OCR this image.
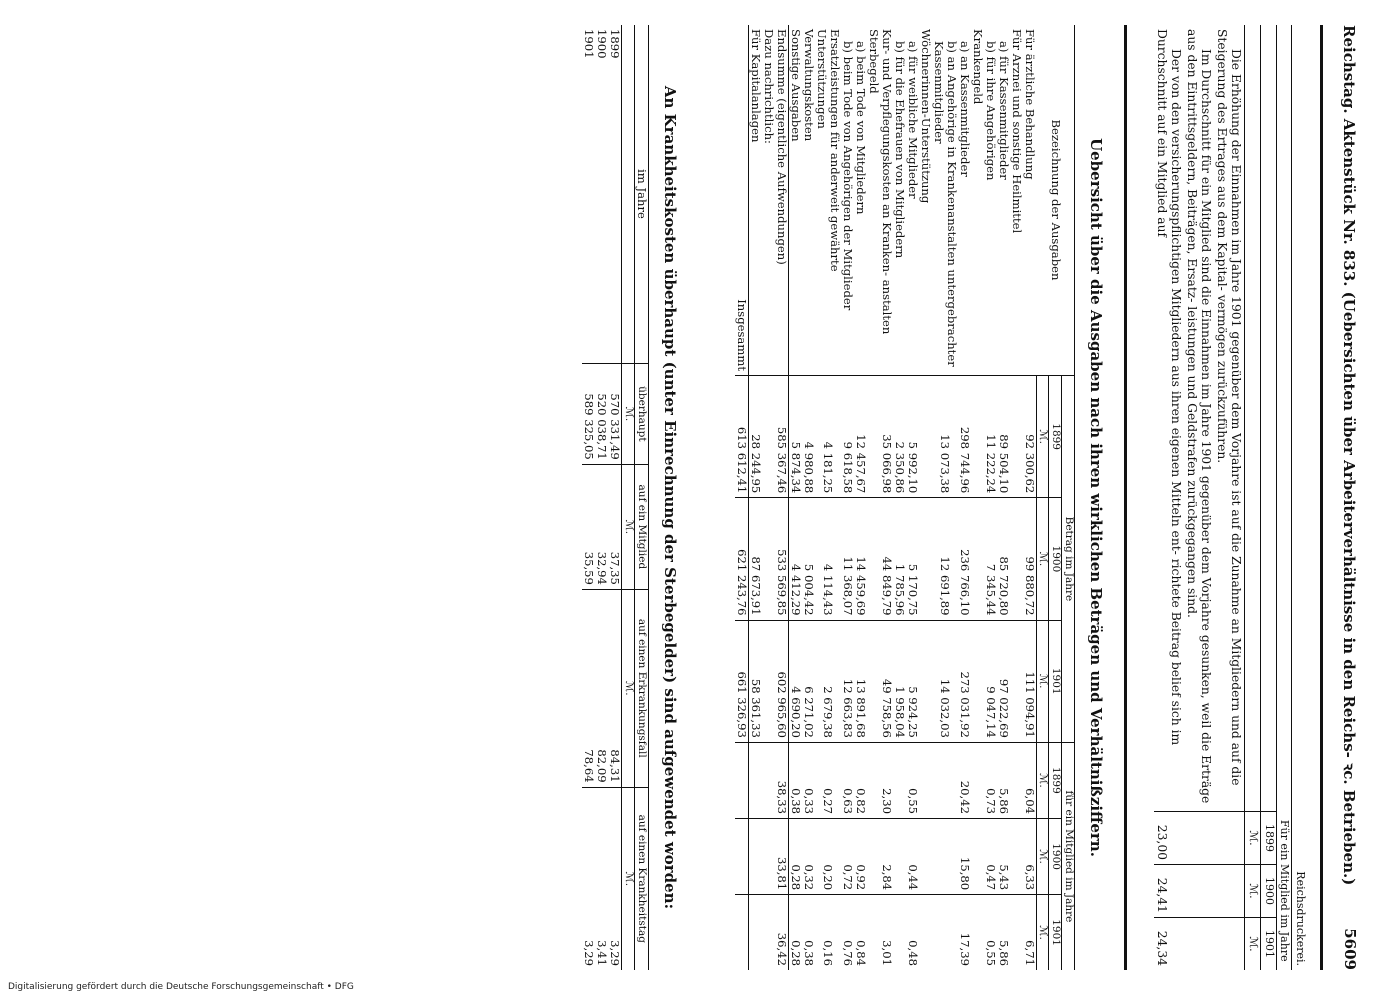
Reichstag. Aktenstück Nr. 833. (Uebersichten über Arbeiterverhältnisse in den Reichs- ꝛc. Betrieben.)
5609
	Reichsdruckerei.		
	Für ein Mitglied im Jahre		
	1899	1900	1901
	ℳ.	ℳ.	ℳ.
Die Erhöhung der Einnahmen im Jahre 1901 gegenüber dem Vorjahre ist auf die Zunahme an Mitgliedern und auf die Steigerung des Ertrages aus dem Kapital- vermögen zurückzuführen.			
Im Durchschnitt für ein Mitglied sind die Einnahmen im Jahre 1901 gegenüber dem Vorjahre gesunken, weil die Erträge aus den Eintrittsgeldern, Beiträgen, Ersatz- leistungen und Geldstrafen zurückgegangen sind.			
Der von den versicherungspflichtigen Mitgliedern aus ihren eigenen Mitteln ent- richtete Beitrag belief sich im Durchschnitt auf ein Mitglied auf	23,00	24,41	24,34
Uebersicht über die Ausgaben nach ihren wirklichen Beträgen und Verhältnißziffern.
Bezeichnung der Ausgaben	Betrag im Jahre			für ein Mitglied im Jahre		
	1899	1900	1901	1899	1900	1901
	ℳ.	ℳ.	ℳ.	ℳ.	ℳ.	ℳ.
Für ärztliche Behandlung	92 300,62	99 880,72	111 094,91	6,04	6,33	6,71
Für Arznei und sonstige Heilmittel						
a) für Kassenmitglieder	89 504,10	85 720,80	97 022,69	5,86	5,43	5,86
b) für ihre Angehörigen	11 222,24	7 345,44	9 047,14	0,73	0,47	0,55
Krankengeld						
a) an Kassenmitglieder	298 744,96	236 766,10	273 031,92	20,42	15,80	17,39
b) an Angehörige in Krankenanstalten untergebrachter Kassenmitglieder	13 073,38	12 691,89	14 032,03			
Wöchnerinnen-Unterstützung						
a) für weibliche Mitglieder	5 992,10	5 170,75	5 924,25	0,55	0,44	0,48
b) für die Ehefrauen von Mitgliedern	2 350,86	1 785,96	1 958,04			
Kur- und Verpflegungskosten an Kranken- anstalten	35 066,98	44 849,79	49 758,56	2,30	2,84	3,01
Sterbegeld						
a) beim Tode von Mitgliedern	12 457,67	14 459,69	13 891,68	0,82	0,92	0,84
b) beim Tode von Angehörigen der Mitglieder	9 618,58	11 368,07	12 663,83	0,63	0,72	0,76
Ersatzleistungen für anderweit gewährte Unterstützungen	4 181,25	4 114,43	2 679,38	0,27	0,20	0,16
Verwaltungskosten	4 980,88	5 004,42	6 271,02	0,33	0,32	0,38
Sonstige Ausgaben	5 874,34	4 412,29	4 690,20	0,38	0,28	0,28
Endsumme (eigentliche Aufwendungen)	585 367,46	533 569,85	602 965,60	38,33	33,81	36,42
Dazu nachrichtlich:						
Für Kapitalanlagen	28 244,95	87 673,91	58 361,33			
Insgesammt	613 612,41	621 243,76	661 326,93			
An Krankheitskosten überhaupt (unter Einrechnung der Sterbegelder) sind aufgewendet worden:
im Jahre	überhaupt	auf ein Mitglied	auf einen Erkrankungsfall	auf einen Krankheitstag
	ℳ.	ℳ.	ℳ.	ℳ.
1899	570 331,49	37,35	84,31	3,29
1900	520 038,71	32,94	82,09	3,41
1901	589 325,05	35,59	78,64	3,29
Digitalisierung gefördert durch die Deutsche Forschungsgemeinschaft • DFG
